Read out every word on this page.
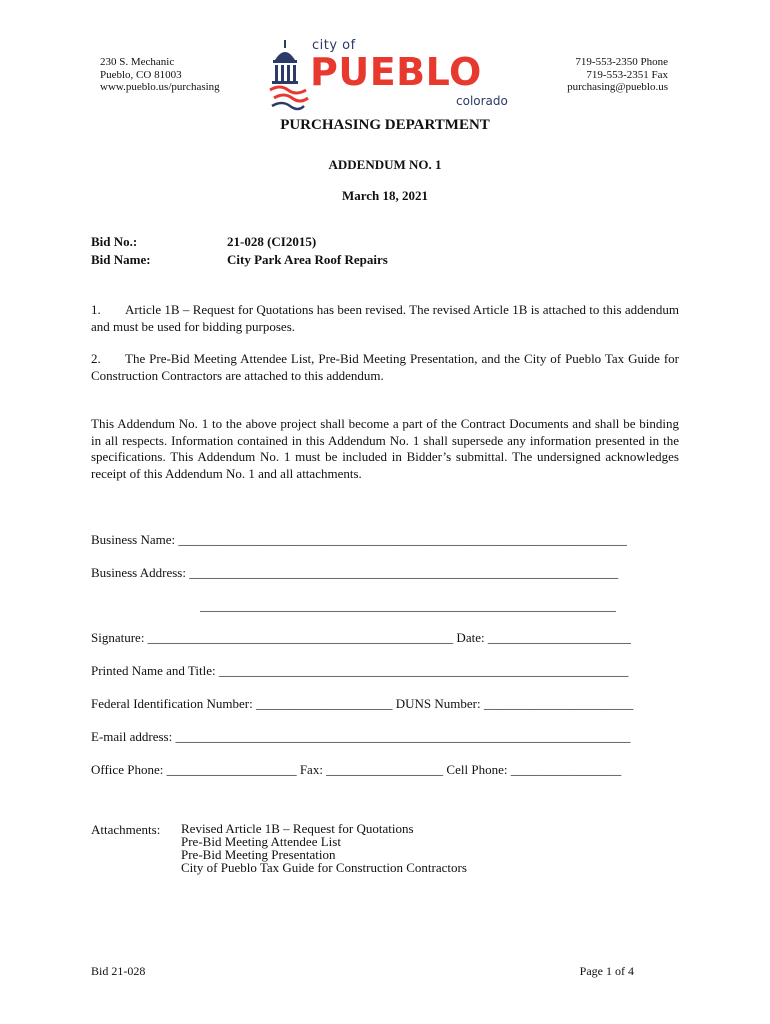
230 S. Mechanic
Pueblo, CO 81003
www.pueblo.us/purchasing
city of
PUEBLO
colorado
719-553-2350 Phone
719-553-2351 Fax
purchasing@pueblo.us
PURCHASING DEPARTMENT
ADDENDUM NO. 1
March 18, 2021
Bid No.:	21-028 (CI2015)
Bid Name:	City Park Area Roof Repairs
1. Article 1B – Request for Quotations has been revised. The revised Article 1B is attached to this addendum and must be used for bidding purposes.
2. The Pre-Bid Meeting Attendee List, Pre-Bid Meeting Presentation, and the City of Pueblo Tax Guide for Construction Contractors are attached to this addendum.
This Addendum No. 1 to the above project shall become a part of the Contract Documents and shall be binding in all respects. Information contained in this Addendum No. 1 shall supersede any information presented in the specifications. This Addendum No. 1 must be included in Bidder’s submittal. The undersigned acknowledges receipt of this Addendum No. 1 and all attachments.
Business Name: _____________________________________________________________________
Business Address: __________________________________________________________________
________________________________________________________________
Signature: _______________________________________________ Date: ______________________
Printed Name and Title: _______________________________________________________________
Federal Identification Number: _____________________ DUNS Number: _______________________
E-mail address: ______________________________________________________________________
Office Phone: ____________________ Fax: __________________ Cell Phone: _________________
Attachments: Revised Article 1B – Request for Quotations
Pre-Bid Meeting Attendee List
Pre-Bid Meeting Presentation
City of Pueblo Tax Guide for Construction Contractors
Bid 21-028	Page 1 of 4
